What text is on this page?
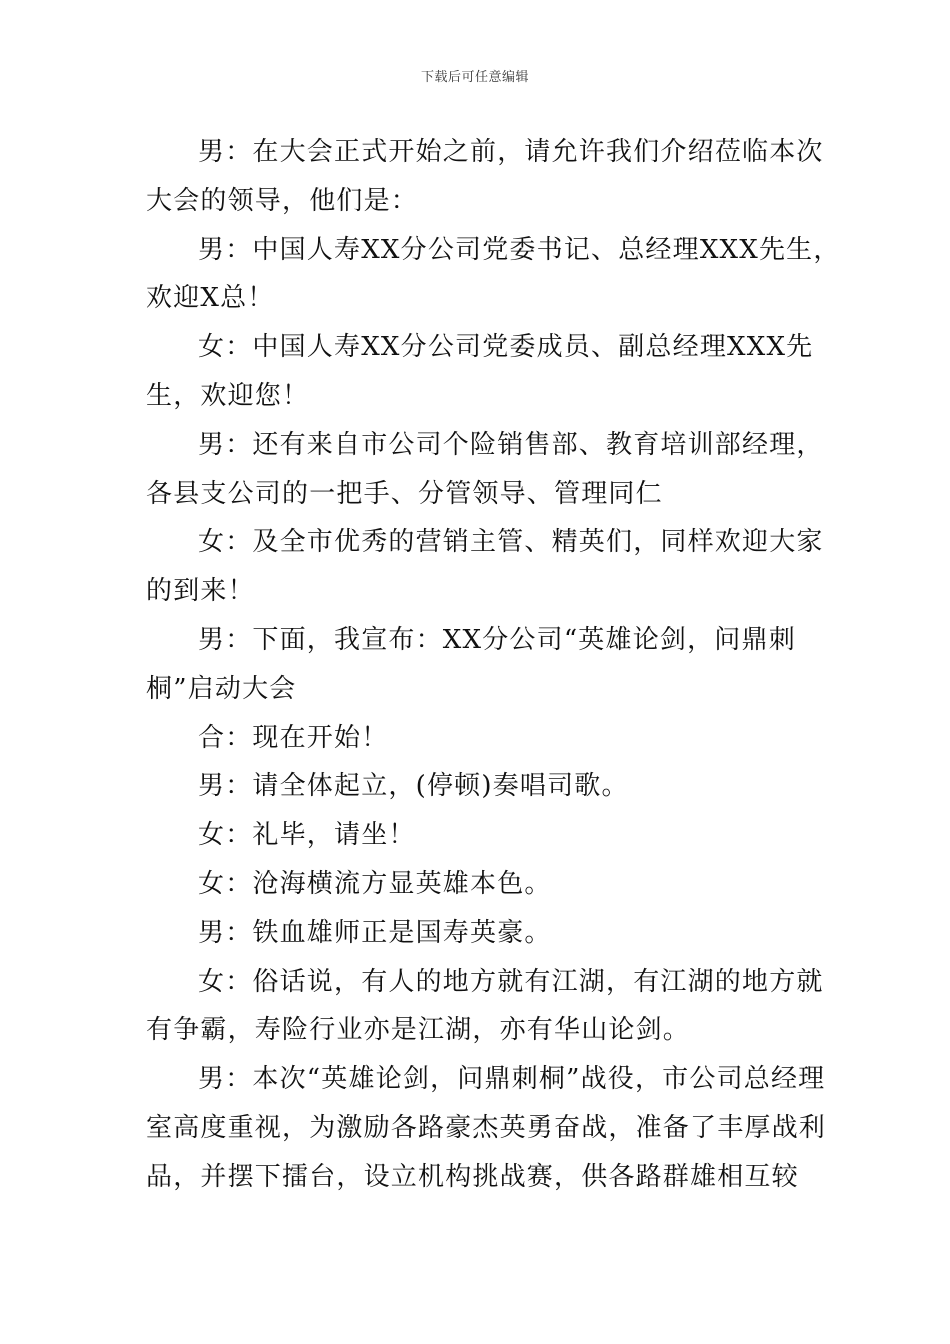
下载后可任意编辑

男：在大会正式开始之前，请允许我们介绍莅临本次大会的领导，他们是：

男：中国人寿XX分公司党委书记、总经理XXX先生，欢迎X总！

女：中国人寿XX分公司党委成员、副总经理XXX先生，欢迎您！

男：还有来自市公司个险销售部、教育培训部经理，各县支公司的一把手、分管领导、管理同仁

女：及全市优秀的营销主管、精英们，同样欢迎大家的到来！

男：下面，我宣布：XX分公司“英雄论剑，问鼎刺桐”启动大会

合：现在开始！

男：请全体起立，(停顿)奏唱司歌。

女：礼毕，请坐！

女：沧海横流方显英雄本色。

男：铁血雄师正是国寿英豪。

女：俗话说，有人的地方就有江湖，有江湖的地方就有争霸，寿险行业亦是江湖，亦有华山论剑。

男：本次“英雄论剑，问鼎刺桐”战役，市公司总经理室高度重视，为激励各路豪杰英勇奋战，准备了丰厚战利品，并摆下擂台，设立机构挑战赛，供各路群雄相互较
